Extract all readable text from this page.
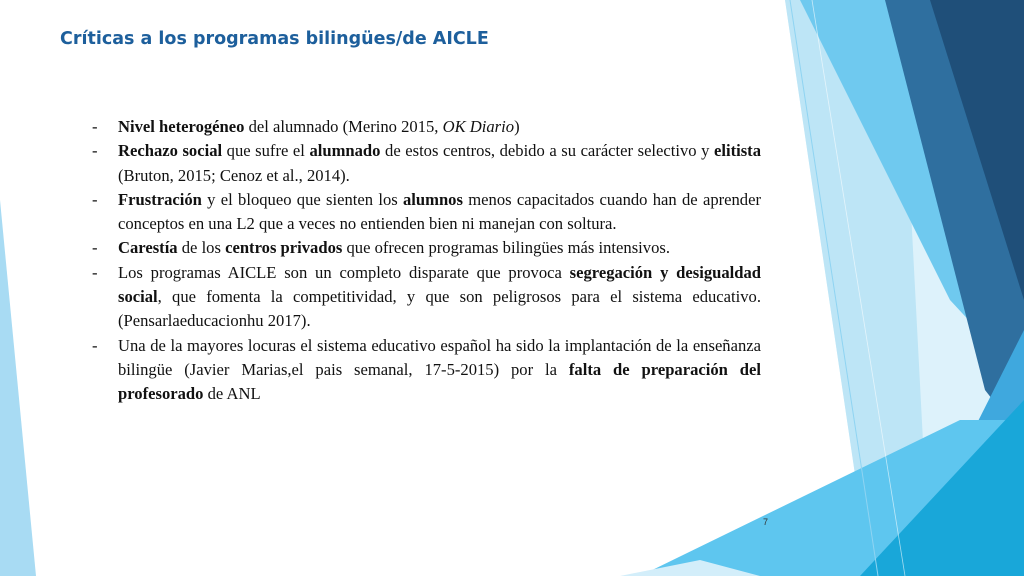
Críticas a los programas bilingües/de AICLE
- Nivel heterogéneo del alumnado (Merino 2015, OK Diario)
- Rechazo social que sufre el alumnado de estos centros, debido a su carácter selectivo y elitista (Bruton, 2015; Cenoz et al., 2014).
- Frustración y el bloqueo que sienten los alumnos menos capacitados cuando han de aprender conceptos en una L2 que a veces no entienden bien ni manejan con soltura.
- Carestía de los centros privados que ofrecen programas bilingües más intensivos.
- Los programas AICLE son un completo disparate que provoca segregación y desigualdad social, que fomenta la competitividad, y que son peligrosos para el sistema educativo. (Pensarlaeducacionhu 2017).
- Una de la mayores locuras el sistema educativo español ha sido la implantación de la enseñanza bilingüe (Javier Marias,el pais semanal, 17-5-2015) por la falta de preparación del profesorado de ANL
7
